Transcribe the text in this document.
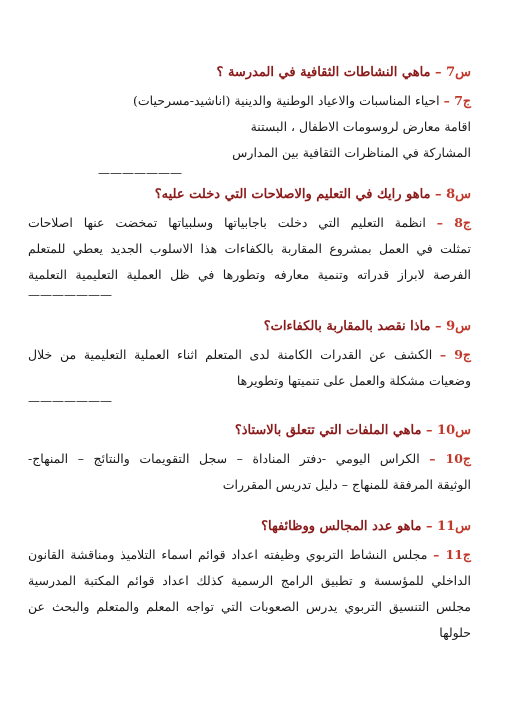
س7 – ماهي النشاطات الثقافية في المدرسة ؟

ج7 – احياء المناسبات والاعياد الوطنية والدينية (اناشيد-مسرحيات)

اقامة معارض لروسومات الاطفال ، البستنة

المشاركة في المناظرات الثقافية بين المدارس

———————

س8 – ماهو رايك في التعليم والاصلاحات التي دخلت عليه؟

ج8 – انظمة التعليم التي دخلت باجابياتها وسلبياتها تمخضت عنها اصلاحات

تمثلت في العمل بمشروع المقاربة بالكفاءات هذا الاسلوب الجديد يعطي للمتعلم

الفرصة لابراز قدراته وتنمية معارفه وتطورها في ظل العملية التعليمية التعلمية

———————

س9 – ماذا نقصد بالمقاربة بالكفاءات؟

ج9 – الكشف عن القدرات الكامنة لدى المتعلم اثناء العملية التعليمية من خلال

وضعيات مشكلة والعمل على تنميتها وتطويرها

———————

س10 – ماهي الملفات التي تتعلق بالاستاذ؟

ج10 – الكراس اليومي -دفتر المناداة – سجل التقويمات والنتائج – المنهاج-

الوثيقة المرفقة للمنهاج – دليل تدريس المقررات

س11 – ماهو عدد المجالس ووظائفها؟

ج11 – مجلس النشاط التربوي وظيفته اعداد قوائم اسماء التلاميذ ومناقشة القانون

الداخلي للمؤسسة و تطبيق الرامج الرسمية كذلك اعداد قوائم المكتبة المدرسية

مجلس التنسيق التربوي يدرس الصعوبات التي تواجه المعلم والمتعلم والبحث عن

حلولها
